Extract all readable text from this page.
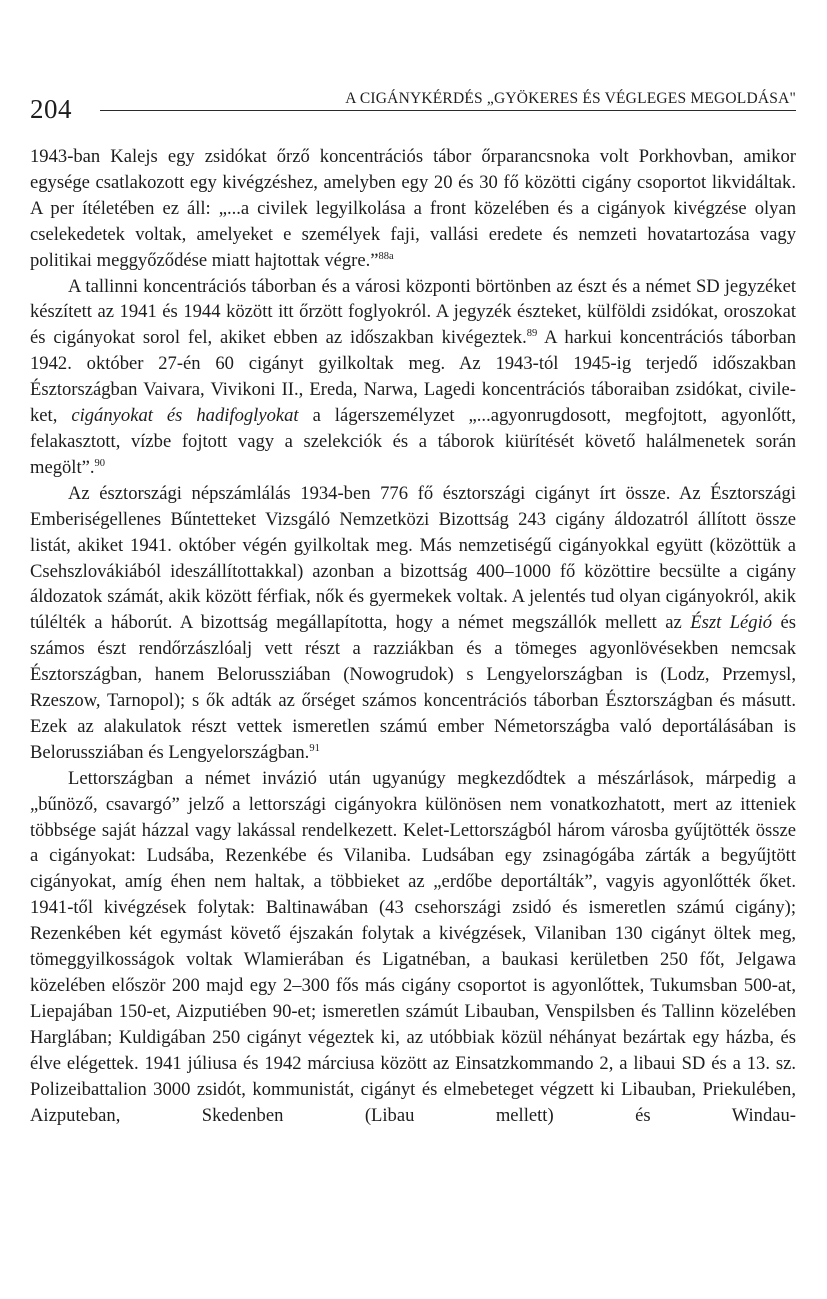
204	A CIGÁNYKÉRDÉS „GYÖKERES ÉS VÉGLEGES MEGOLDÁSA"

1943-ban Kalejs egy zsidókat őrző koncentrációs tábor őrparancsnoka volt Porkhovban, amikor egysége csatlakozott egy kivégzéshez, amelyben egy 20 és 30 fő közötti cigány csoportot likvidáltak. A per ítéletében ez áll: „...a civilek legyilkolása a front közelében és a cigányok kivégzése olyan cselekedetek voltak, amelyeket e személyek faji, vallási eredete és nemzeti hovatartozása vagy politikai meggyőződése miatt hajtottak végre.”$^{88a}$

A tallinni koncentrációs táborban és a városi központi börtönben az észt és a német SD jegyzéket készített az 1941 és 1944 között itt őrzött foglyokról. A jegyzék észteket, külföldi zsidókat, oroszokat és cigányokat sorol fel, akiket ebben az időszakban kivégeztek.$^{89}$ A harkui koncentrációs táborban 1942. október 27-én 60 cigányt gyilkoltak meg. Az 1943-tól 1945-ig terjedő időszakban Észtországban Vaivara, Vivikoni II., Ereda, Narwa, Lagedi koncentrációs táboraiban zsidókat, civileket, cigányokat és hadifoglyokat a lágerszemélyzet „...agyonrugdosott, megfojtott, agyonlőtt, felakasztott, vízbe fojtott vagy a szelekciók és a táborok kiürítését követő halálmenetek során megölt”.$^{90}$

Az észtországi népszámlálás 1934-ben 776 fő észtországi cigányt írt össze. Az Észtországi Emberiségellenes Bűntetteket Vizsgáló Nemzetközi Bizottság 243 cigány áldozatról állított össze listát, akiket 1941. október végén gyilkoltak meg. Más nemzetiségű cigányokkal együtt (közöttük a Csehszlovákiából ideszállítottakkal) azonban a bizottság 400–1000 fő közöttire becsülte a cigány áldozatok számát, akik között férfiak, nők és gyermekek voltak. A jelentés tud olyan cigányokról, akik túlélték a háborút. A bizottság megállapította, hogy a német megszállók mellett az Észt Légió és számos észt rendőrzászlóalj vett részt a razziákban és a tömeges agyonlövésekben nemcsak Észtországban, hanem Belorussziában (Nowogrudok) s Lengyelországban is (Lodz, Przemysl, Rzeszow, Tarnopol); s ők adták az őrséget számos koncentrációs táborban Észtországban és másutt. Ezek az alakulatok részt vettek ismeretlen számú ember Németországba való deportálásában is Belorussziában és Lengyelországban.$^{91}$

Lettországban a német invázió után ugyanúgy megkezdődtek a mészárlások, márpedig a „bűnöző, csavargó” jelző a lettországi cigányokra különösen nem vonatkozhatott, mert az itteniek többsége saját házzal vagy lakással rendelkezett. Kelet-Lettországból három városba gyűjtötték össze a cigányokat: Ludsába, Rezenkébe és Vilaniba. Ludsában egy zsinagógába zárták a begyűjtött cigányokat, amíg éhen nem haltak, a többieket az „erdőbe deportálták”, vagyis agyonlőtték őket. 1941-től kivégzések folytak: Baltinawában (43 csehországi zsidó és ismeretlen számú cigány); Rezenkében két egymást követő éjszakán folytak a kivégzések, Vilaniban 130 cigányt öltek meg, tömeggyilkosságok voltak Wlamierában és Ligatnéban, a baukasi kerületben 250 főt, Jelgawa közelében először 200 majd egy 2–300 fős más cigány csoportot is agyonlőttek, Tukumsban 500-at, Liepajában 150-et, Aizputiében 90-et; ismeretlen számút Libauban, Venspilsben és Tallinn közelében Harglában; Kuldigában 250 cigányt végeztek ki, az utóbbiak közül néhányat bezártak egy házba, és élve elégettek. 1941 júliusa és 1942 márciusa között az Einsatzkommando 2, a libaui SD és a 13. sz. Polizeibattalion 3000 zsidót, kommunistát, cigányt és elmebeteget végzett ki Libauban, Priekulében, Aizputeban, Skedenben (Libau mellett) és Windau-
